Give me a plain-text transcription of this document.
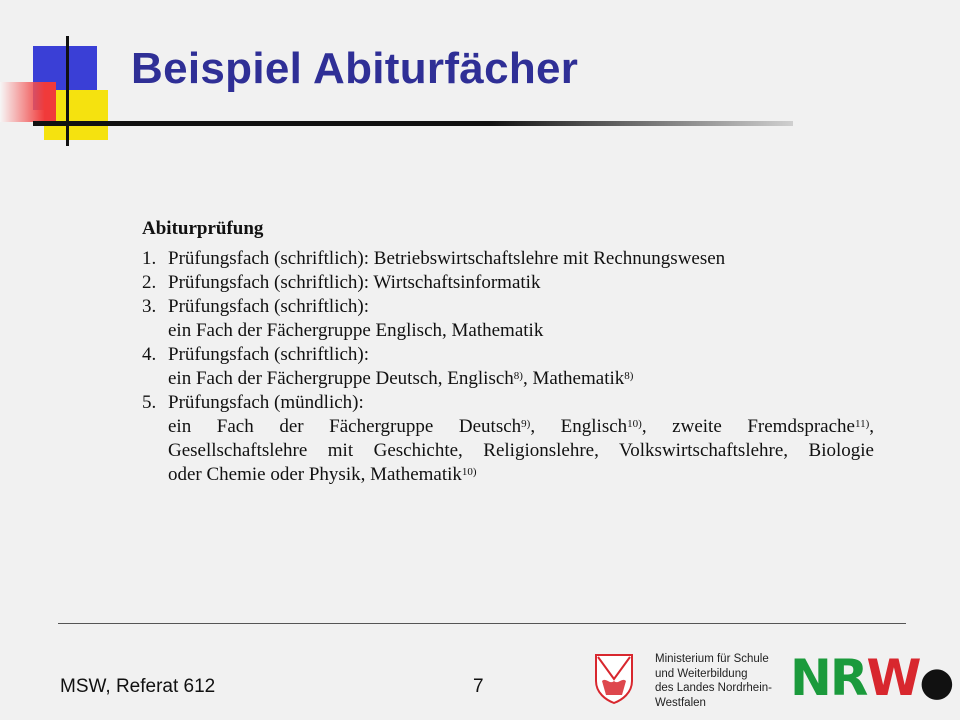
Beispiel Abiturfächer
Abiturprüfung
1. Prüfungsfach (schriftlich): Betriebswirtschaftslehre mit Rechnungswesen
2. Prüfungsfach (schriftlich): Wirtschaftsinformatik
3. Prüfungsfach (schriftlich):
ein Fach der Fächergruppe Englisch, Mathematik
4. Prüfungsfach (schriftlich):
ein Fach der Fächergruppe Deutsch, Englisch$^{8)}$, Mathematik$^{8)}$
5. Prüfungsfach (mündlich):
ein Fach der Fächergruppe Deutsch$^{9)}$, Englisch$^{10)}$, zweite Fremdsprache$^{11)}$,
Gesellschaftslehre mit Geschichte, Religionslehre, Volkswirtschaftslehre, Biologie
oder Chemie oder Physik, Mathematik$^{10)}$
MSW, Referat 612	7
Ministerium für Schule
und Weiterbildung
des Landes Nordrhein-
Westfalen	NRW●
